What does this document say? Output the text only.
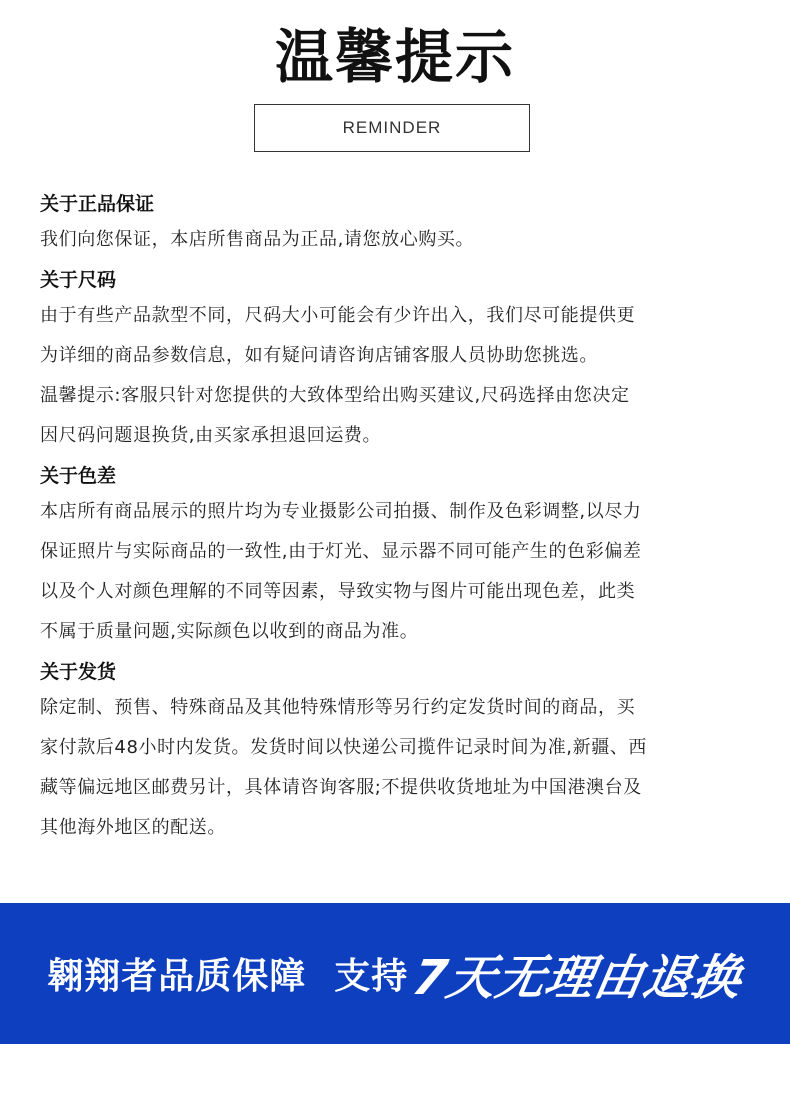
温馨提示
REMINDER
关于正品保证

我们向您保证，本店所售商品为正品,请您放心购买。

关于尺码

由于有些产品款型不同，尺码大小可能会有少许出入，我们尽可能提供更

为详细的商品参数信息，如有疑问请咨询店铺客服人员协助您挑选。

温馨提示:客服只针对您提供的大致体型给出购买建议,尺码选择由您决定

因尺码问题退换货,由买家承担退回运费。

关于色差

本店所有商品展示的照片均为专业摄影公司拍摄、制作及色彩调整,以尽力

保证照片与实际商品的一致性,由于灯光、显示器不同可能产生的色彩偏差

以及个人对颜色理解的不同等因素，导致实物与图片可能出现色差，此类

不属于质量问题,实际颜色以收到的商品为准。

关于发货

除定制、预售、特殊商品及其他特殊情形等另行约定发货时间的商品，买

家付款后48小时内发货。发货时间以快递公司揽件记录时间为准,新疆、西

藏等偏远地区邮费另计，具体请咨询客服;不提供收货地址为中国港澳台及

其他海外地区的配送。

翱翔者品质保障 支持 7天无理由退换
